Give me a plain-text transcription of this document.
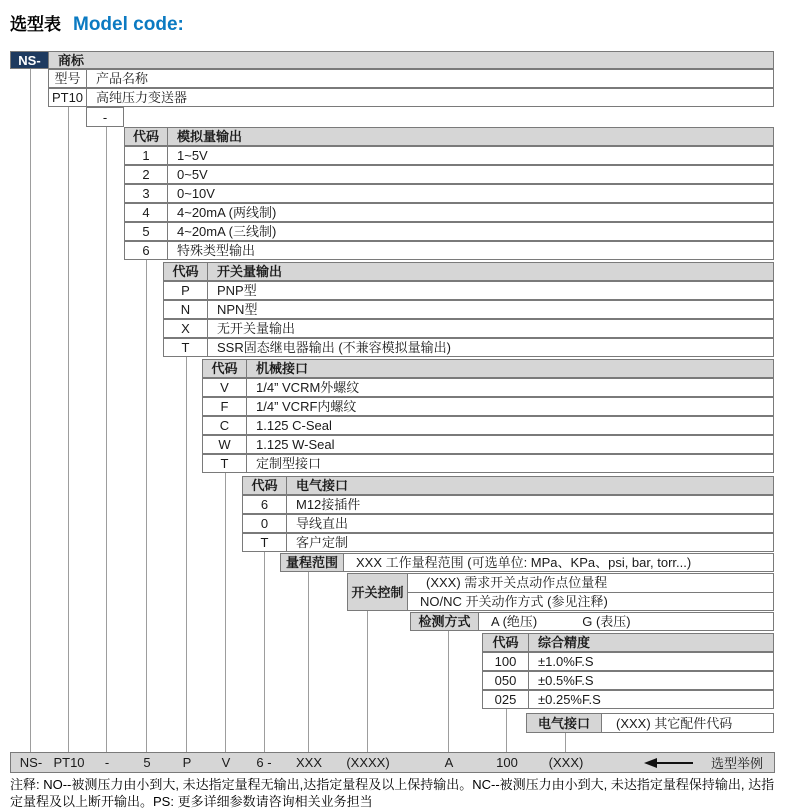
选型表 Model code:
NS-	商标
型号	产品名称
PT10 高纯压力变送器
-
代码	模拟量输出
1	1~5V
2	0~5V
3	0~10V
4	4~20mA (两线制)
5	4~20mA (三线制)
6	特殊类型输出
代码	开关量输出
P	PNP型
N	NPN型
X	无开关量输出
T	SSR固态继电器输出 (不兼容模拟量输出)
代码	机械接口
V	1/4” VCRM外螺纹
F	1/4” VCRF内螺纹
C	1.125 C-Seal
W	1.125 W-Seal
T	定制型接口
代码	电气接口
6	M12接插件
0	导线直出
T	客户定制
量程范围	XXX 工作量程范围 (可选单位: MPa、KPa、psi, bar, torr...)
开关控制
(XXX) 需求开关点动作点位量程
NO/NC 开关动作方式 (参见注释)
检测方式	A (绝压)	G (表压)
代码	综合精度
100	±1.0%F.S
050	±0.5%F.S
025	±0.25%F.S
电气接口	(XXX) 其它配件代码
NS- PT10	-	5	P	V	6 -	XXX	(XXXX)	A	100	(XXX)	选型举例
注释: NO--被测压力由小到大, 未达指定量程无输出,达指定量程及以上保持输出。NC--被测压力由小到大, 未达指定量程保持输出, 达指定量程及以上断开输出。PS: 更多详细参数请咨询相关业务担当
